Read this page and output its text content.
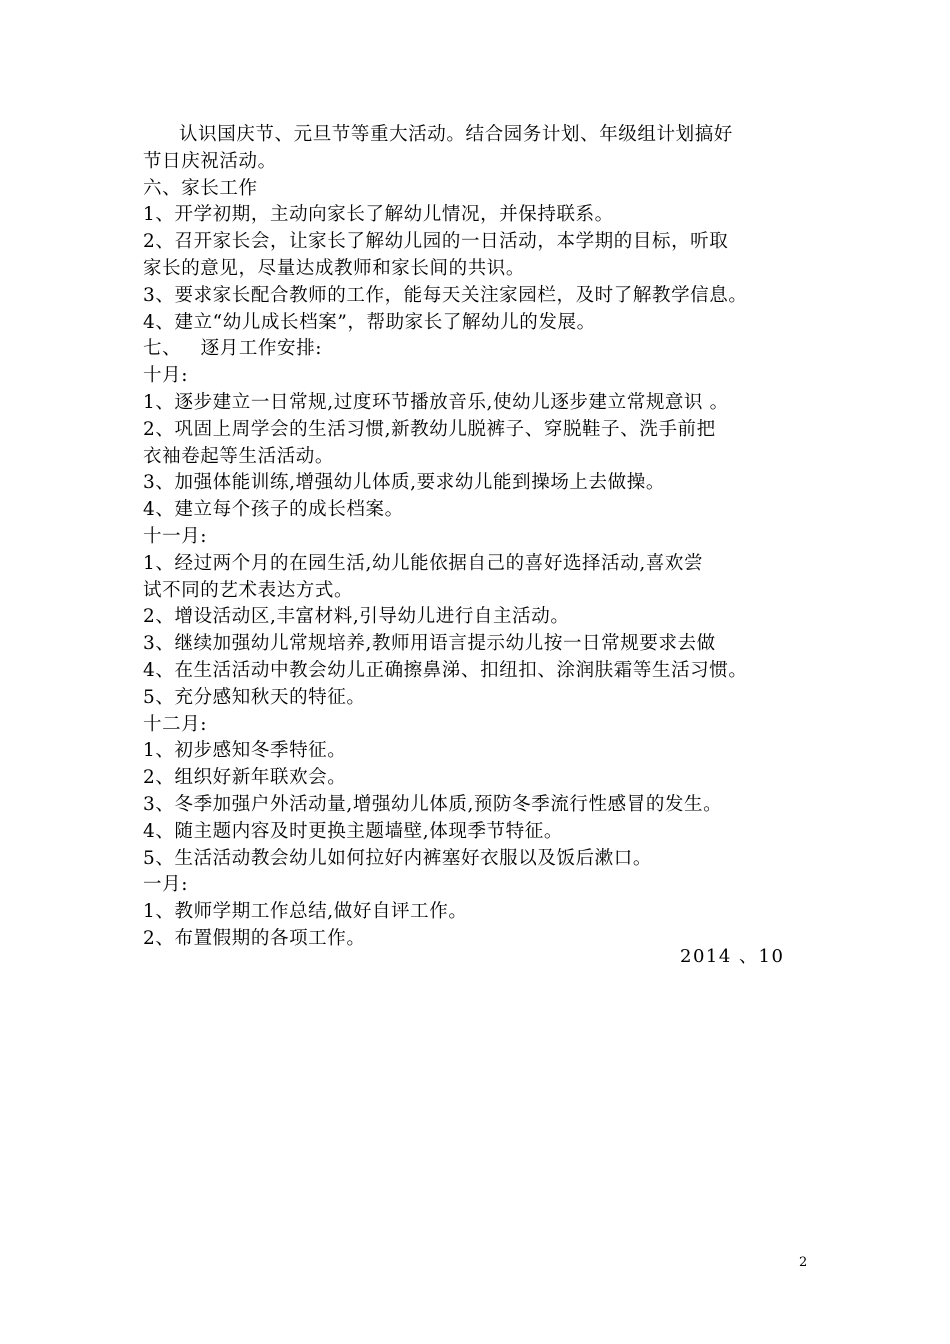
认识国庆节、元旦节等重大活动。结合园务计划、年级组计划搞好
节日庆祝活动。
六、家长工作
1、开学初期，主动向家长了解幼儿情况，并保持联系。
2、召开家长会，让家长了解幼儿园的一日活动，本学期的目标，听取
家长的意见，尽量达成教师和家长间的共识。
3、要求家长配合教师的工作，能每天关注家园栏，及时了解教学信息。
4、建立“幼儿成长档案”，帮助家长了解幼儿的发展。
七、   逐月工作安排:
十月:
1、逐步建立一日常规,过度环节播放音乐,使幼儿逐步建立常规意识 。
2、巩固上周学会的生活习惯,新教幼儿脱裤子、穿脱鞋子、洗手前把
衣袖卷起等生活活动。
3、加强体能训练,增强幼儿体质,要求幼儿能到操场上去做操。
4、建立每个孩子的成长档案。
十一月:
1、经过两个月的在园生活,幼儿能依据自己的喜好选择活动,喜欢尝
试不同的艺术表达方式。
2、增设活动区,丰富材料,引导幼儿进行自主活动。
3、继续加强幼儿常规培养,教师用语言提示幼儿按一日常规要求去做
4、在生活活动中教会幼儿正确擦鼻涕、扣纽扣、涂润肤霜等生活习惯。
5、充分感知秋天的特征。
十二月:
1、初步感知冬季特征。
2、组织好新年联欢会。
3、冬季加强户外活动量,增强幼儿体质,预防冬季流行性感冒的发生。
4、随主题内容及时更换主题墙壁,体现季节特征。
5、生活活动教会幼儿如何拉好内裤塞好衣服以及饭后漱口。
一月:
1、教师学期工作总结,做好自评工作。
2、布置假期的各项工作。
2014 、10
2
